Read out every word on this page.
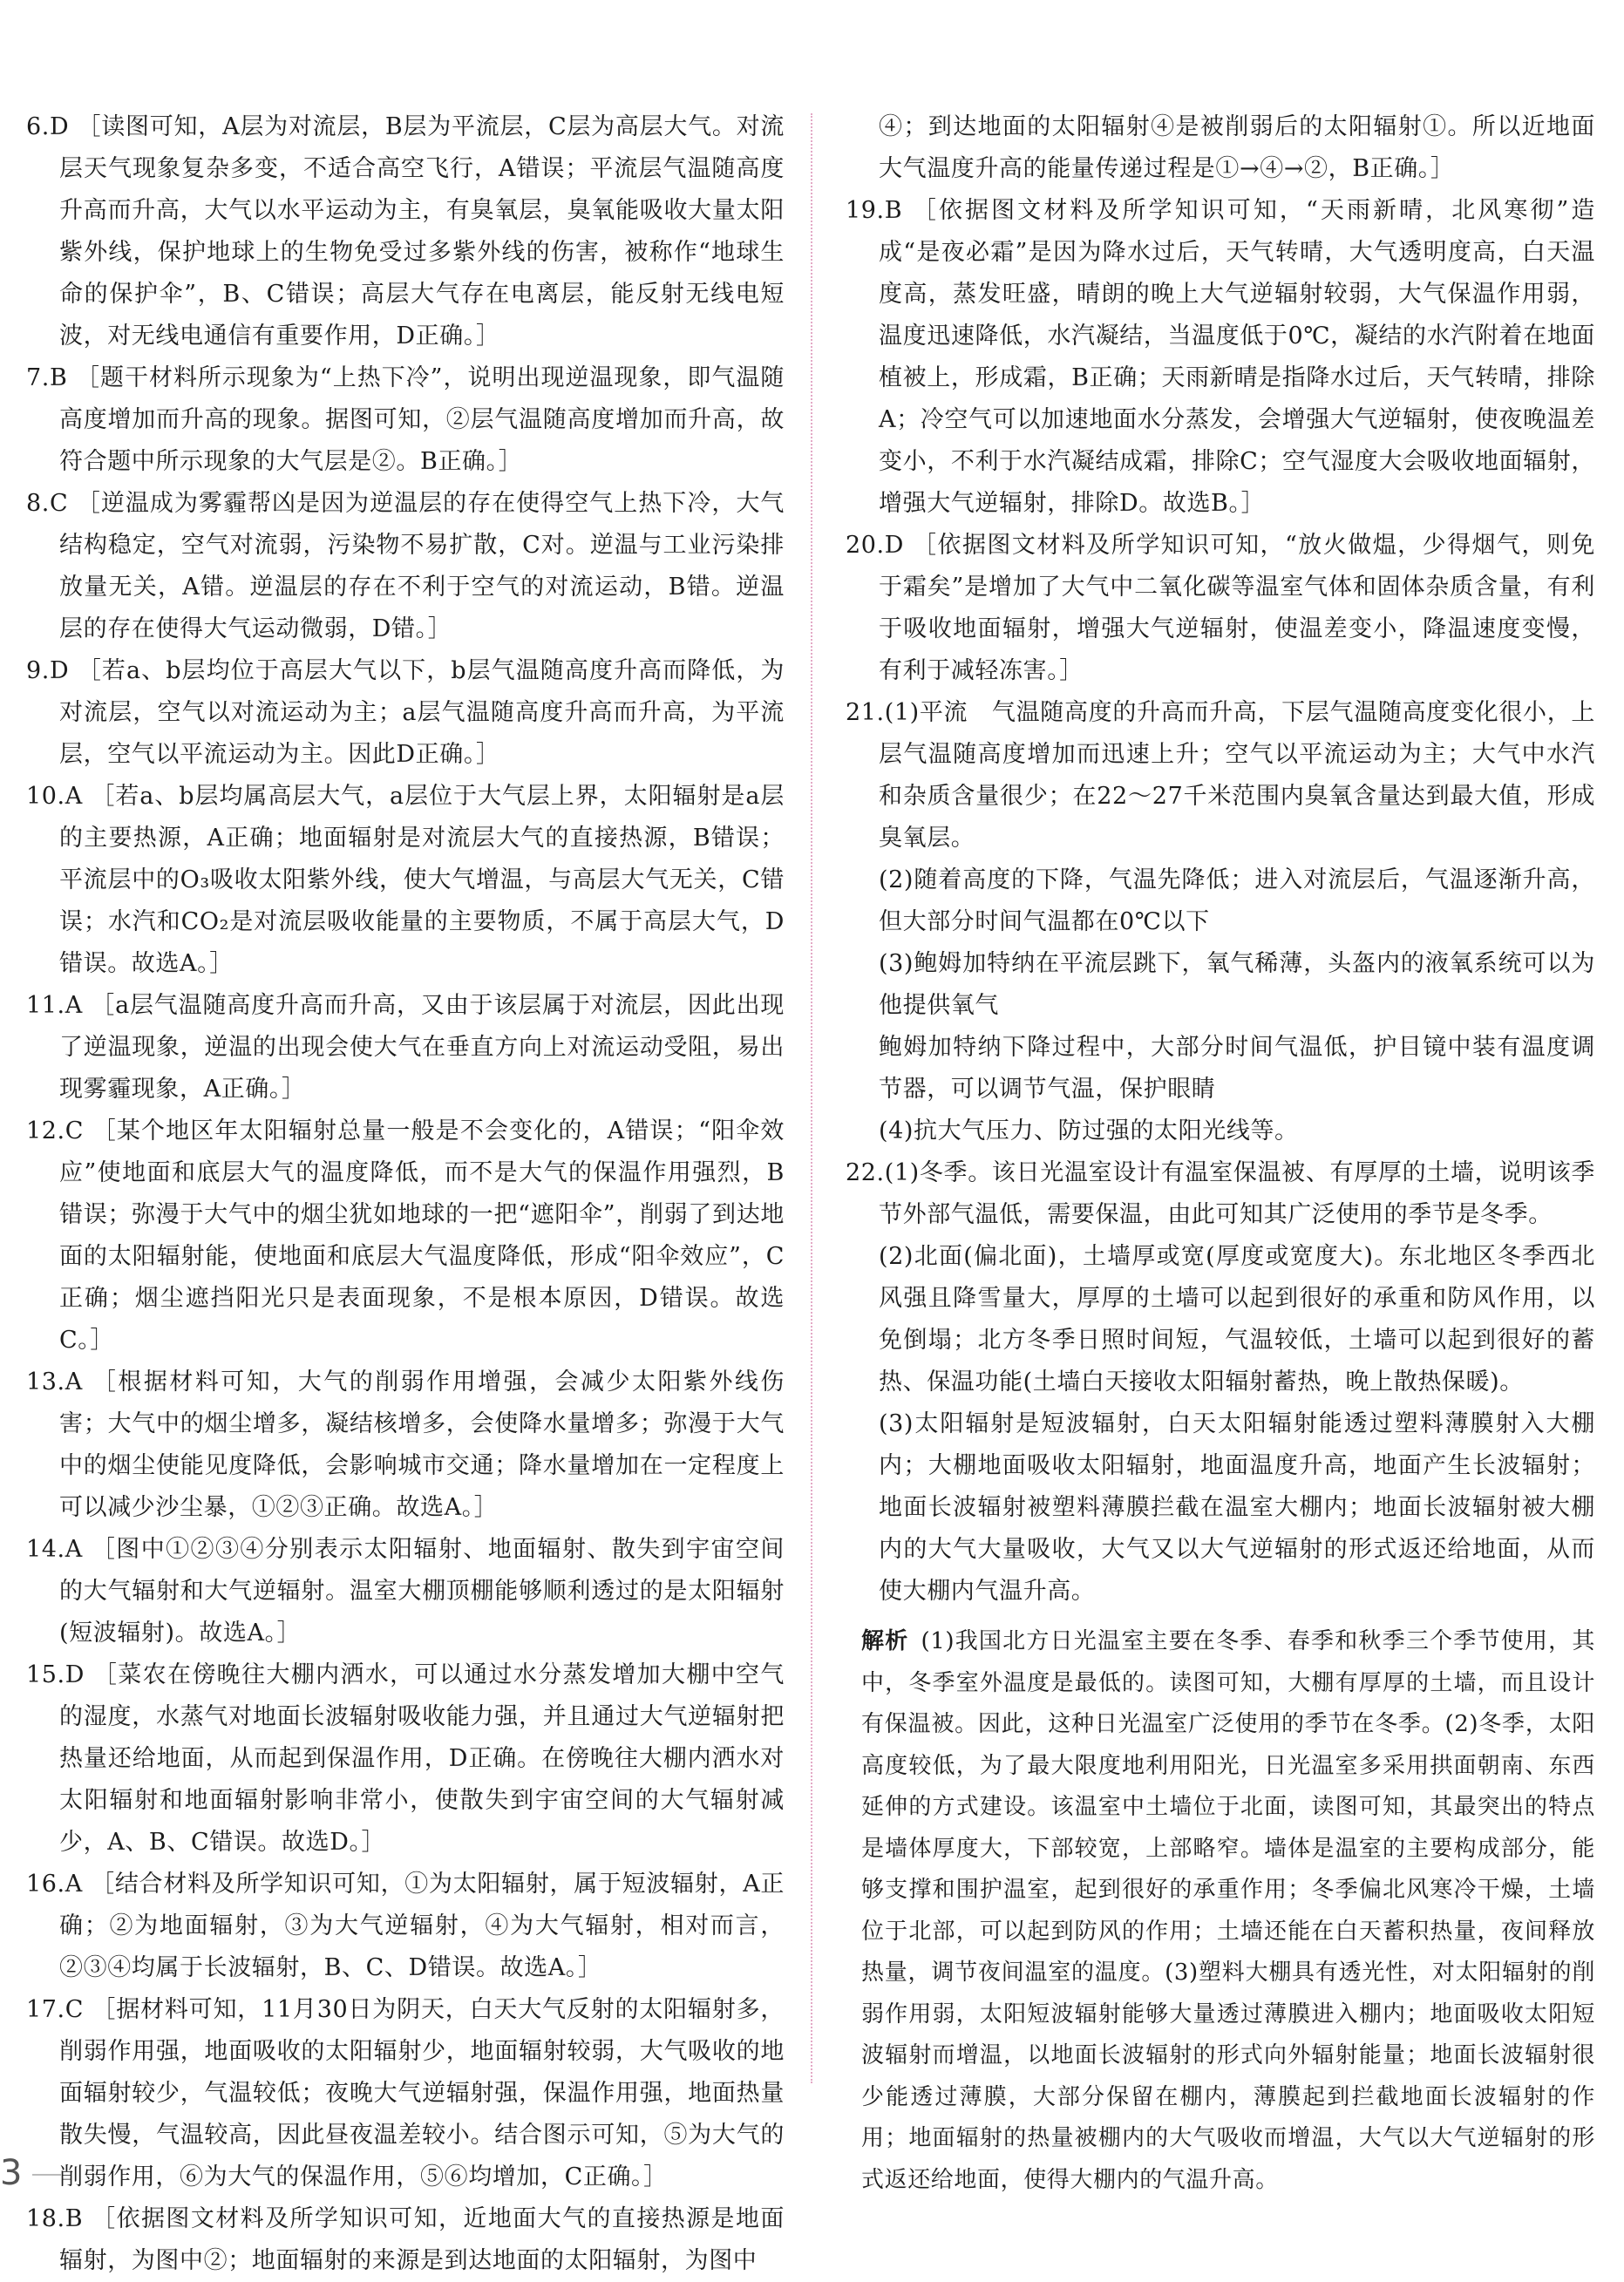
6.D ［读图可知，A层为对流层，B层为平流层，C层为高层大气。对流层天气现象复杂多变，不适合高空飞行，A错误；平流层气温随高度升高而升高，大气以水平运动为主，有臭氧层，臭氧能吸收大量太阳紫外线，保护地球上的生物免受过多紫外线的伤害，被称作“地球生命的保护伞”，B、C错误；高层大气存在电离层，能反射无线电短波，对无线电通信有重要作用，D正确。］

7.B ［题干材料所示现象为“上热下冷”，说明出现逆温现象，即气温随高度增加而升高的现象。据图可知，②层气温随高度增加而升高，故符合题中所示现象的大气层是②。B正确。］

8.C ［逆温成为雾霾帮凶是因为逆温层的存在使得空气上热下冷，大气结构稳定，空气对流弱，污染物不易扩散，C对。逆温与工业污染排放量无关，A错。逆温层的存在不利于空气的对流运动，B错。逆温层的存在使得大气运动微弱，D错。］

9.D ［若a、b层均位于高层大气以下，b层气温随高度升高而降低，为对流层，空气以对流运动为主；a层气温随高度升高而升高，为平流层，空气以平流运动为主。因此D正确。］

10.A ［若a、b层均属高层大气，a层位于大气层上界，太阳辐射是a层的主要热源，A正确；地面辐射是对流层大气的直接热源，B错误；平流层中的O₃吸收太阳紫外线，使大气增温，与高层大气无关，C错误；水汽和CO₂是对流层吸收能量的主要物质，不属于高层大气，D错误。故选A。］

11.A ［a层气温随高度升高而升高，又由于该层属于对流层，因此出现了逆温现象，逆温的出现会使大气在垂直方向上对流运动受阻，易出现雾霾现象，A正确。］

12.C ［某个地区年太阳辐射总量一般是不会变化的，A错误；“阳伞效应”使地面和底层大气的温度降低，而不是大气的保温作用强烈，B错误；弥漫于大气中的烟尘犹如地球的一把“遮阳伞”，削弱了到达地面的太阳辐射能，使地面和底层大气温度降低，形成“阳伞效应”，C正确；烟尘遮挡阳光只是表面现象，不是根本原因，D错误。故选C。］

13.A ［根据材料可知，大气的削弱作用增强，会减少太阳紫外线伤害；大气中的烟尘增多，凝结核增多，会使降水量增多；弥漫于大气中的烟尘使能见度降低，会影响城市交通；降水量增加在一定程度上可以减少沙尘暴，①②③正确。故选A。］

14.A ［图中①②③④分别表示太阳辐射、地面辐射、散失到宇宙空间的大气辐射和大气逆辐射。温室大棚顶棚能够顺利透过的是太阳辐射(短波辐射)。故选A。］

15.D ［菜农在傍晚往大棚内洒水，可以通过水分蒸发增加大棚中空气的湿度，水蒸气对地面长波辐射吸收能力强，并且通过大气逆辐射把热量还给地面，从而起到保温作用，D正确。在傍晚往大棚内洒水对太阳辐射和地面辐射影响非常小，使散失到宇宙空间的大气辐射减少，A、B、C错误。故选D。］

16.A ［结合材料及所学知识可知，①为太阳辐射，属于短波辐射，A正确；②为地面辐射，③为大气逆辐射，④为大气辐射，相对而言，②③④均属于长波辐射，B、C、D错误。故选A。］

17.C ［据材料可知，11月30日为阴天，白天大气反射的太阳辐射多，削弱作用强，地面吸收的太阳辐射少，地面辐射较弱，大气吸收的地面辐射较少，气温较低；夜晚大气逆辐射强，保温作用强，地面热量散失慢，气温较高，因此昼夜温差较小。结合图示可知，⑤为大气的削弱作用，⑥为大气的保温作用，⑤⑥均增加，C正确。］

18.B ［依据图文材料及所学知识可知，近地面大气的直接热源是地面辐射，为图中②；地面辐射的来源是到达地面的太阳辐射，为图中

④；到达地面的太阳辐射④是被削弱后的太阳辐射①。所以近地面大气温度升高的能量传递过程是①→④→②，B正确。］

19.B ［依据图文材料及所学知识可知，“天雨新晴，北风寒彻”造成“是夜必霜”是因为降水过后，天气转晴，大气透明度高，白天温度高，蒸发旺盛，晴朗的晚上大气逆辐射较弱，大气保温作用弱，温度迅速降低，水汽凝结，当温度低于0℃，凝结的水汽附着在地面植被上，形成霜，B正确；天雨新晴是指降水过后，天气转晴，排除A；冷空气可以加速地面水分蒸发，会增强大气逆辐射，使夜晚温差变小，不利于水汽凝结成霜，排除C；空气湿度大会吸收地面辐射，增强大气逆辐射，排除D。故选B。］

20.D ［依据图文材料及所学知识可知，“放火做煴，少得烟气，则免于霜矣”是增加了大气中二氧化碳等温室气体和固体杂质含量，有利于吸收地面辐射，增强大气逆辐射，使温差变小，降温速度变慢，有利于减轻冻害。］

21.(1)平流　气温随高度的升高而升高，下层气温随高度变化很小，上层气温随高度增加而迅速上升；空气以平流运动为主；大气中水汽和杂质含量很少；在22～27千米范围内臭氧含量达到最大值，形成臭氧层。

(2)随着高度的下降，气温先降低；进入对流层后，气温逐渐升高，但大部分时间气温都在0℃以下

(3)鲍姆加特纳在平流层跳下，氧气稀薄，头盔内的液氧系统可以为他提供氧气

鲍姆加特纳下降过程中，大部分时间气温低，护目镜中装有温度调节器，可以调节气温，保护眼睛

(4)抗大气压力、防过强的太阳光线等。

22.(1)冬季。该日光温室设计有温室保温被、有厚厚的土墙，说明该季节外部气温低，需要保温，由此可知其广泛使用的季节是冬季。

(2)北面(偏北面)，土墙厚或宽(厚度或宽度大)。东北地区冬季西北风强且降雪量大，厚厚的土墙可以起到很好的承重和防风作用，以免倒塌；北方冬季日照时间短，气温较低，土墙可以起到很好的蓄热、保温功能(土墙白天接收太阳辐射蓄热，晚上散热保暖)。

(3)太阳辐射是短波辐射，白天太阳辐射能透过塑料薄膜射入大棚内；大棚地面吸收太阳辐射，地面温度升高，地面产生长波辐射；地面长波辐射被塑料薄膜拦截在温室大棚内；地面长波辐射被大棚内的大气大量吸收，大气又以大气逆辐射的形式返还给地面，从而使大棚内气温升高。

解析 (1)我国北方日光温室主要在冬季、春季和秋季三个季节使用，其中，冬季室外温度是最低的。读图可知，大棚有厚厚的土墙，而且设计有保温被。因此，这种日光温室广泛使用的季节在冬季。(2)冬季，太阳高度较低，为了最大限度地利用阳光，日光温室多采用拱面朝南、东西延伸的方式建设。该温室中土墙位于北面，读图可知，其最突出的特点是墙体厚度大，下部较宽，上部略窄。墙体是温室的主要构成部分，能够支撑和围护温室，起到很好的承重作用；冬季偏北风寒冷干燥，土墙位于北部，可以起到防风的作用；土墙还能在白天蓄积热量，夜间释放热量，调节夜间温室的温度。(3)塑料大棚具有透光性，对太阳辐射的削弱作用弱，太阳短波辐射能够大量透过薄膜进入棚内；地面吸收太阳短波辐射而增温，以地面长波辐射的形式向外辐射能量；地面长波辐射很少能透过薄膜，大部分保留在棚内，薄膜起到拦截地面长波辐射的作用；地面辐射的热量被棚内的大气吸收而增温，大气以大气逆辐射的形式返还给地面，使得大棚内的气温升高。

3
